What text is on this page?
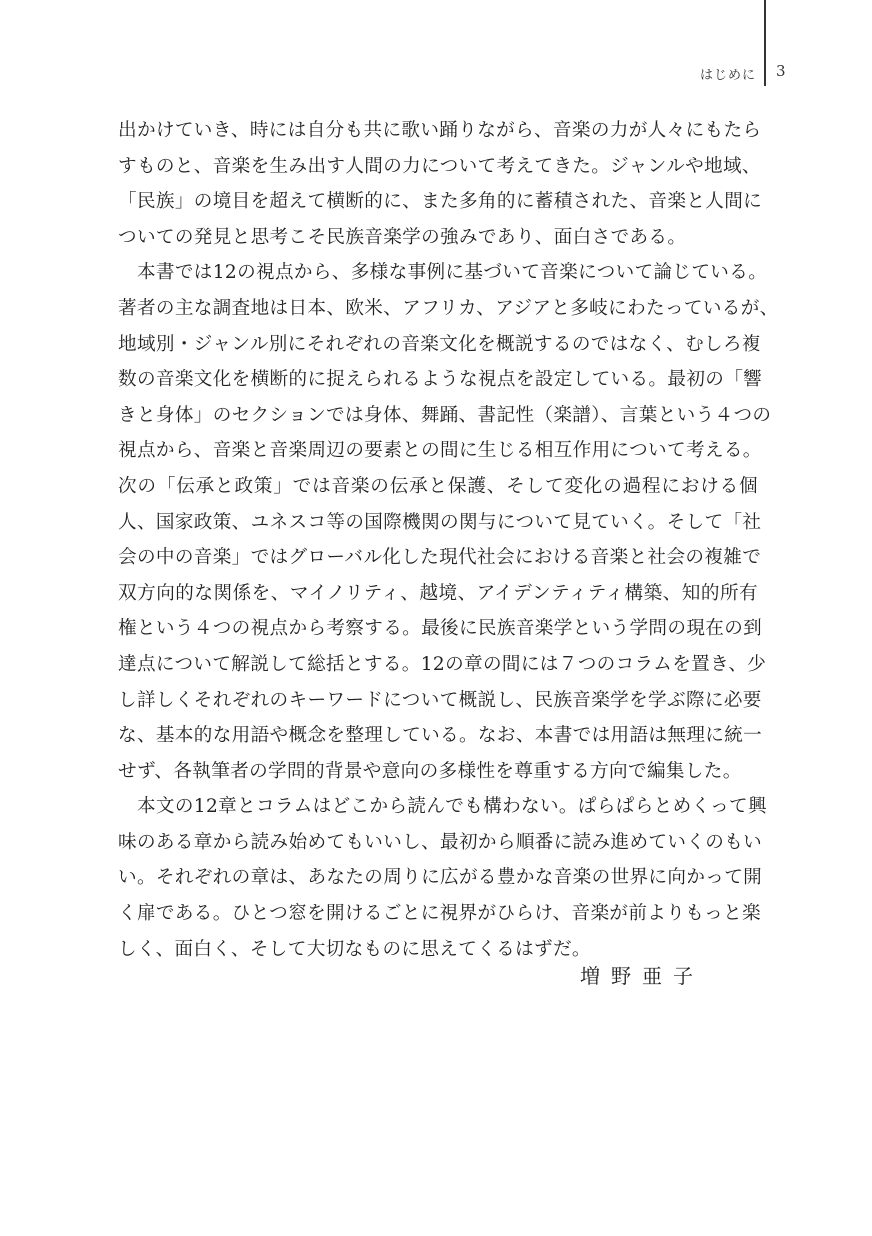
はじめに 3
出かけていき、時には自分も共に歌い踊りながら、音楽の力が人々にもたら
すものと、音楽を生み出す人間の力について考えてきた。ジャンルや地域、
「民族」の境目を超えて横断的に、また多角的に蓄積された、音楽と人間に
ついての発見と思考こそ民族音楽学の強みであり、面白さである。
　本書では12の視点から、多様な事例に基づいて音楽について論じている。
著者の主な調査地は日本、欧米、アフリカ、アジアと多岐にわたっているが、
地域別・ジャンル別にそれぞれの音楽文化を概説するのではなく、むしろ複
数の音楽文化を横断的に捉えられるような視点を設定している。最初の「響
きと身体」のセクションでは身体、舞踊、書記性（楽譜）、言葉という４つの
視点から、音楽と音楽周辺の要素との間に生じる相互作用について考える。
次の「伝承と政策」では音楽の伝承と保護、そして変化の過程における個
人、国家政策、ユネスコ等の国際機関の関与について見ていく。そして「社
会の中の音楽」ではグローバル化した現代社会における音楽と社会の複雑で
双方向的な関係を、マイノリティ、越境、アイデンティティ構築、知的所有
権という４つの視点から考察する。最後に民族音楽学という学問の現在の到
達点について解説して総括とする。12の章の間には７つのコラムを置き、少
し詳しくそれぞれのキーワードについて概説し、民族音楽学を学ぶ際に必要
な、基本的な用語や概念を整理している。なお、本書では用語は無理に統一
せず、各執筆者の学問的背景や意向の多様性を尊重する方向で編集した。
　本文の12章とコラムはどこから読んでも構わない。ぱらぱらとめくって興
味のある章から読み始めてもいいし、最初から順番に読み進めていくのもい
い。それぞれの章は、あなたの周りに広がる豊かな音楽の世界に向かって開
く扉である。ひとつ窓を開けるごとに視界がひらけ、音楽が前よりもっと楽
しく、面白く、そして大切なものに思えてくるはずだ。
増野亜子
